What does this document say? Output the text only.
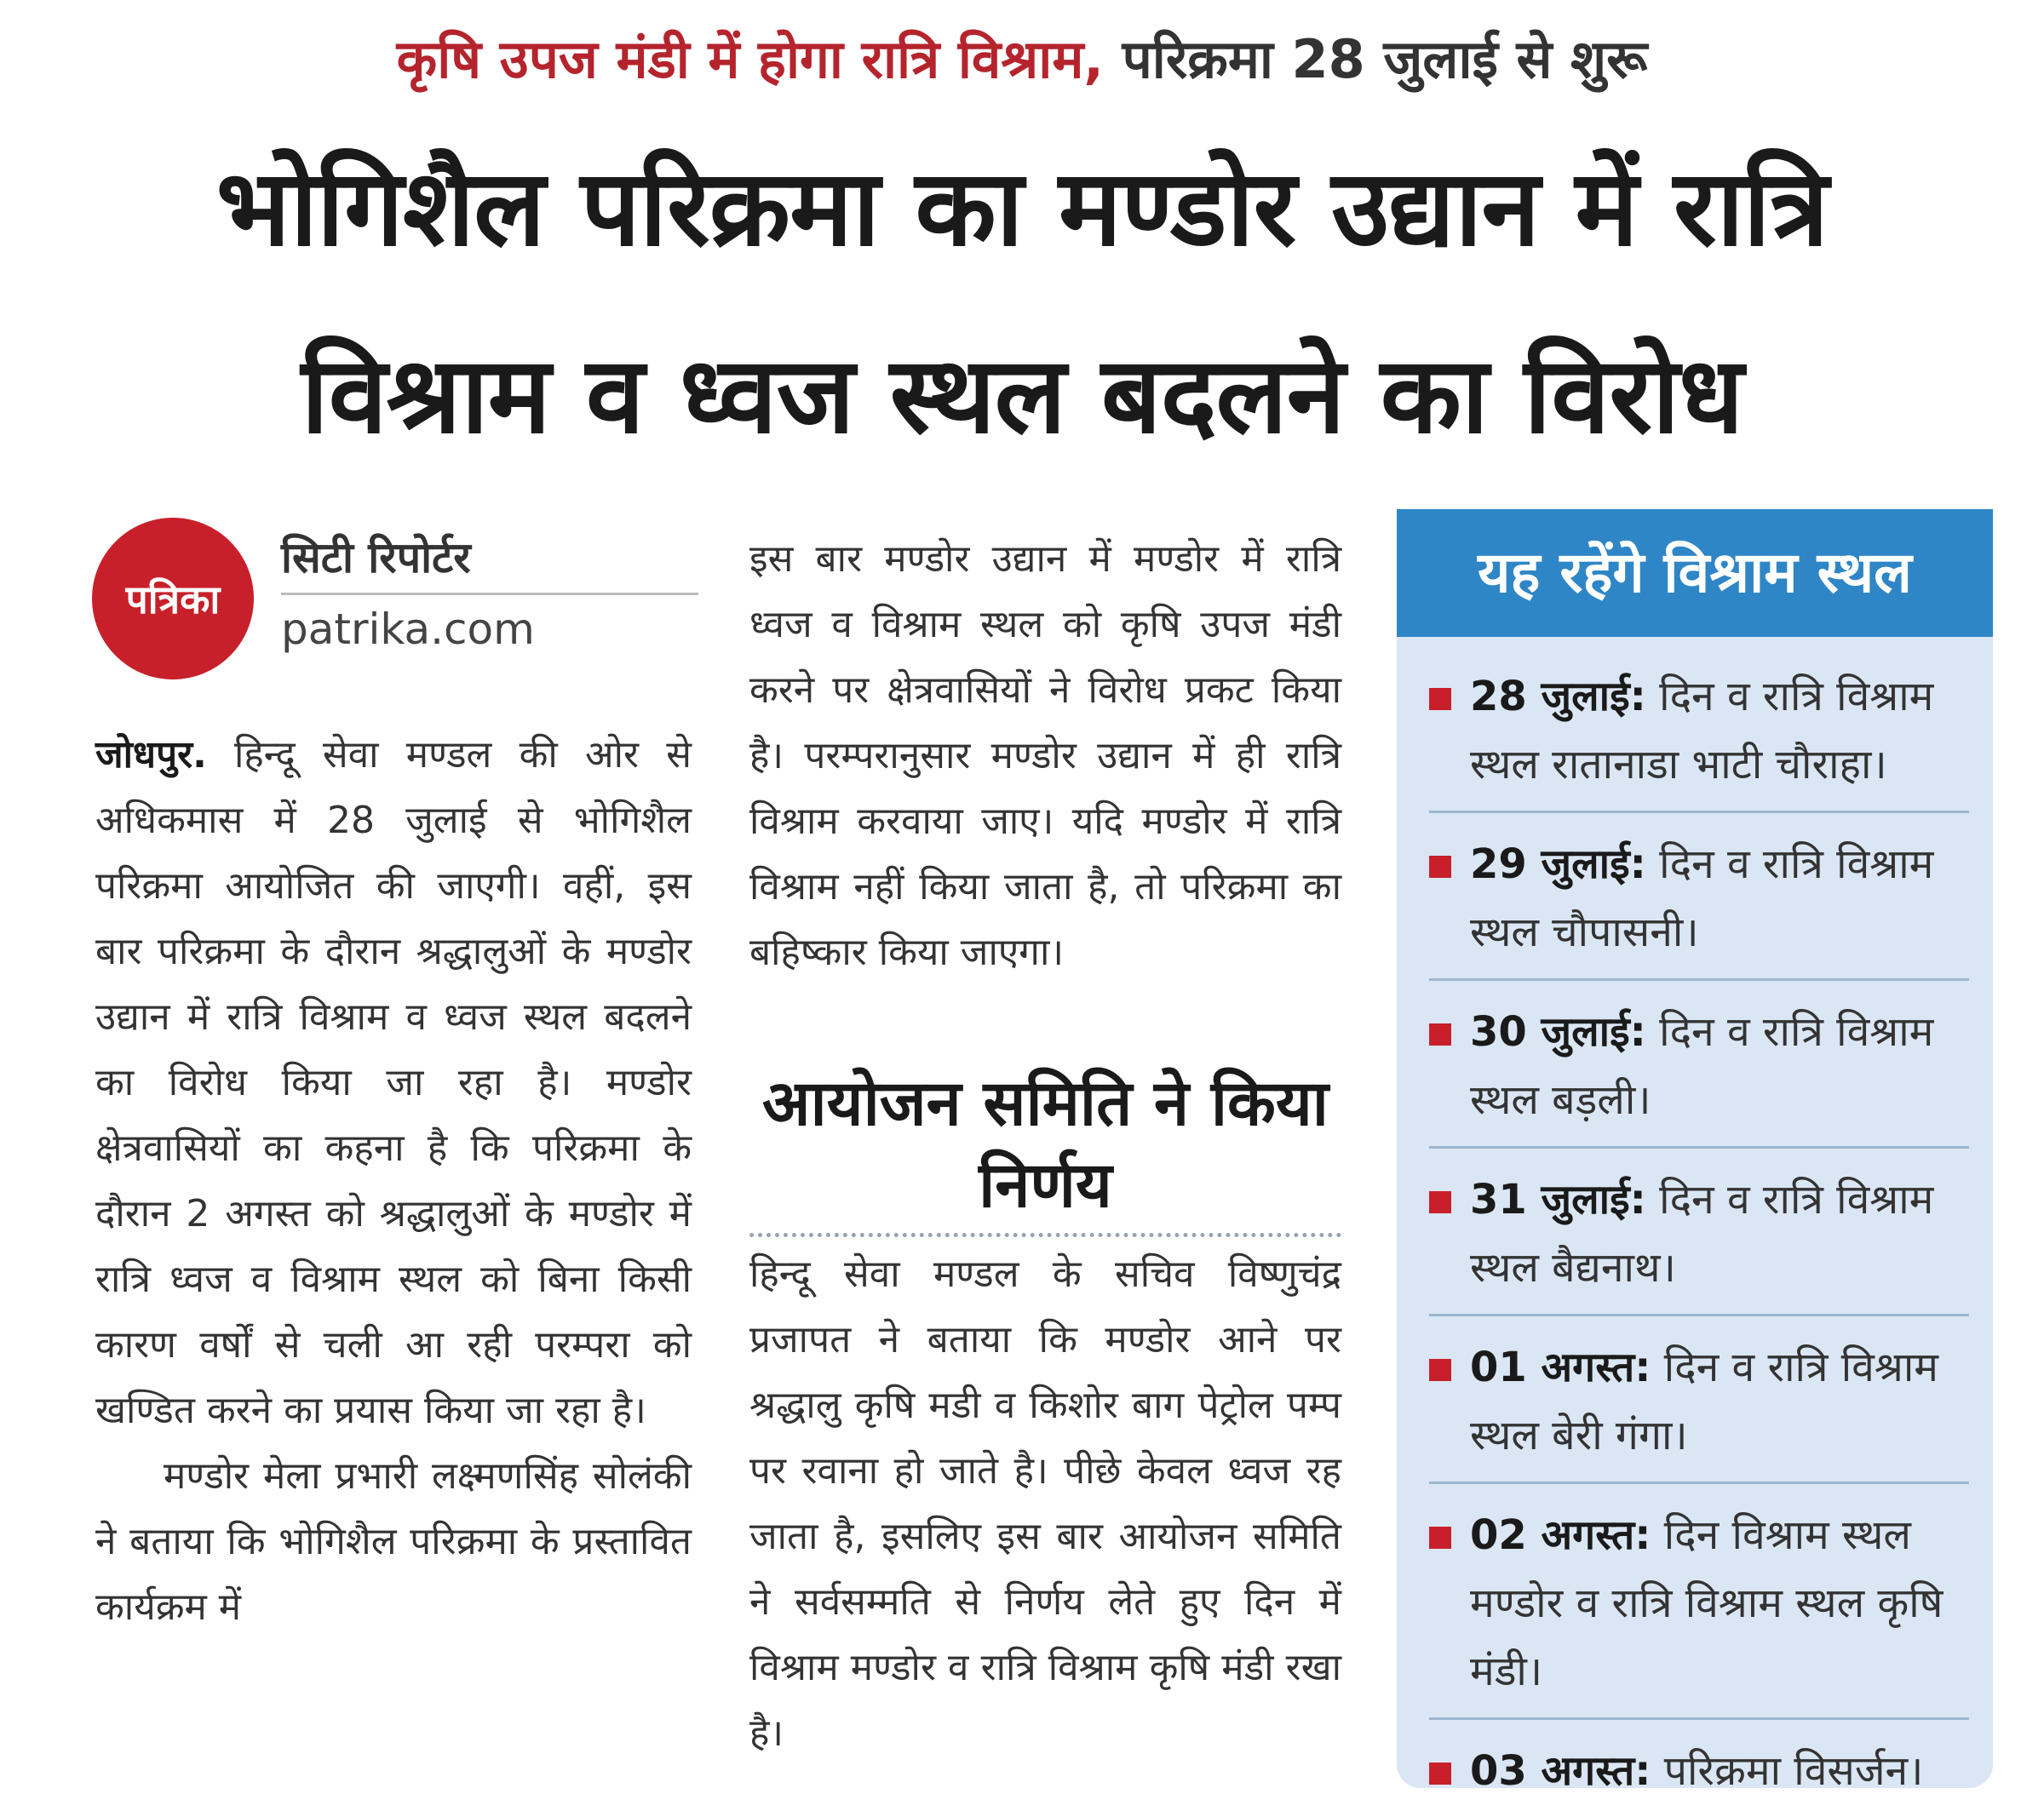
कृषि उपज मंडी में होगा रात्रि विश्राम, परिक्रमा 28 जुलाई से शुरू
भोगिशैल परिक्रमा का मण्डोर उद्यान में रात्रि
विश्राम व ध्वज स्थल बदलने का विरोध
पत्रिका
सिटी रिपोर्टर
patrika.com

जोधपुर. हिन्दू सेवा मण्डल की ओर से अधिकमास में 28 जुलाई से भोगिशैल परिक्रमा आयोजित की जाएगी। वहीं, इस बार परिक्रमा के दौरान श्रद्धालुओं के मण्डोर उद्यान में रात्रि विश्राम व ध्वज स्थल बदलने का विरोध किया जा रहा है। मण्डोर क्षेत्रवासियों का कहना है कि परिक्रमा के दौरान 2 अगस्त को श्रद्धालुओं के मण्डोर में रात्रि ध्वज व विश्राम स्थल को बिना किसी कारण वर्षों से चली आ रही परम्परा को खण्डित करने का प्रयास किया जा रहा है।

मण्डोर मेला प्रभारी लक्ष्मणसिंह सोलंकी ने बताया कि भोगिशैल परिक्रमा के प्रस्तावित कार्यक्रम में

इस बार मण्डोर उद्यान में मण्डोर में रात्रि ध्वज व विश्राम स्थल को कृषि उपज मंडी करने पर क्षेत्रवासियों ने विरोध प्रकट किया है। परम्परानुसार मण्डोर उद्यान में ही रात्रि विश्राम करवाया जाए। यदि मण्डोर में रात्रि विश्राम नहीं किया जाता है, तो परिक्रमा का बहिष्कार किया जाएगा।

आयोजन समिति ने किया निर्णय

हिन्दू सेवा मण्डल के सचिव विष्णुचंद्र प्रजापत ने बताया कि मण्डोर आने पर श्रद्धालु कृषि मडी व किशोर बाग पेट्रोल पम्प पर रवाना हो जाते है। पीछे केवल ध्वज रह जाता है, इसलिए इस बार आयोजन समिति ने सर्वसम्मति से निर्णय लेते हुए दिन में विश्राम मण्डोर व रात्रि विश्राम कृषि मंडी रखा है।

यह रहेंगे विश्राम स्थल
28 जुलाई: दिन व रात्रि विश्राम स्थल रातानाडा भाटी चौराहा।
29 जुलाई: दिन व रात्रि विश्राम स्थल चौपासनी।
30 जुलाई: दिन व रात्रि विश्राम स्थल बड़ली।
31 जुलाई: दिन व रात्रि विश्राम स्थल बैद्यनाथ।
01 अगस्त: दिन व रात्रि विश्राम स्थल बेरी गंगा।
02 अगस्त: दिन विश्राम स्थल मण्डोर व रात्रि विश्राम स्थल कृषि मंडी।
03 अगस्त: परिक्रमा विसर्जन।
